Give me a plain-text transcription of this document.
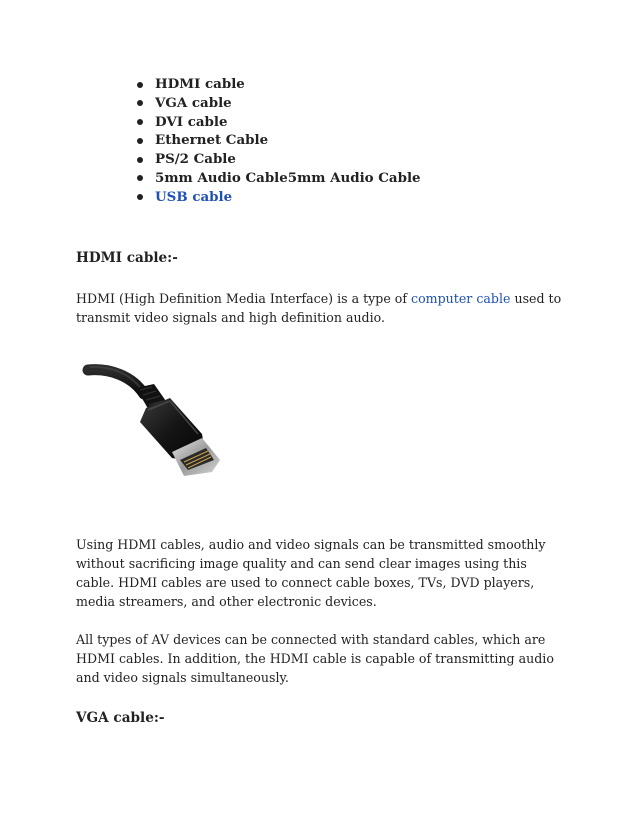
HDMI cable
VGA cable
DVI cable
Ethernet Cable
PS/2 Cable
5mm Audio Cable5mm Audio Cable
USB cable
HDMI cable:-

HDMI (High Definition Media Interface) is a type of computer cable used to transmit video signals and high definition audio.

Using HDMI cables, audio and video signals can be transmitted smoothly without sacrificing image quality and can send clear images using this cable. HDMI cables are used to connect cable boxes, TVs, DVD players, media streamers, and other electronic devices.

All types of AV devices can be connected with standard cables, which are HDMI cables. In addition, the HDMI cable is capable of transmitting audio and video signals simultaneously.

VGA cable:-
